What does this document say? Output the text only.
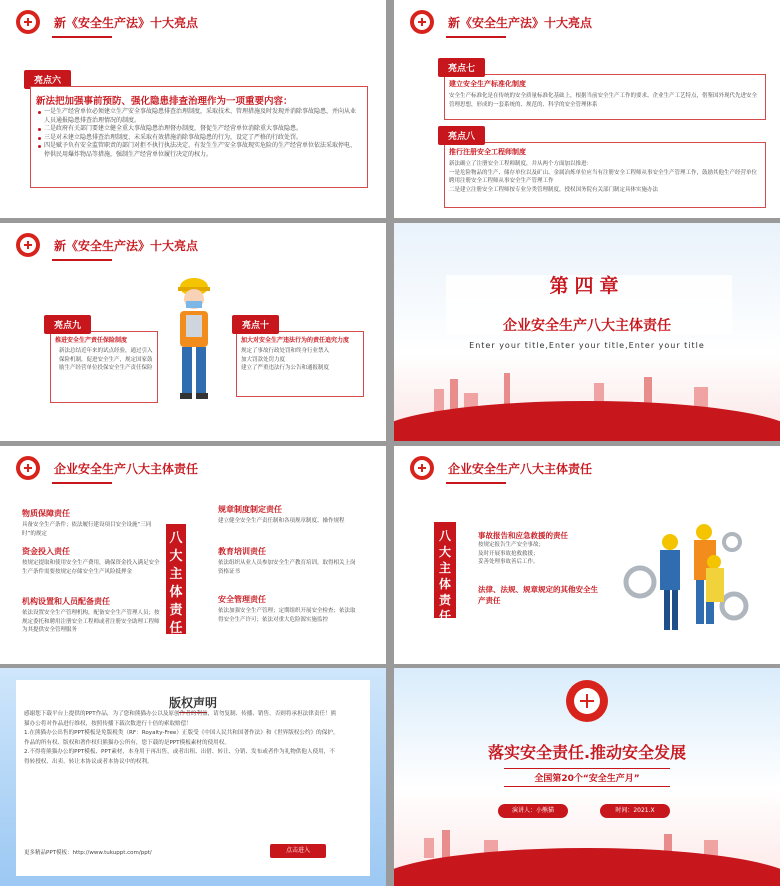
新《安全生产法》十大亮点
亮点六
新法把加强事前预防、强化隐患排查治理作为一项重要内容：
一是生产经营单位必须建立生产安全事故隐患排查治理制度，采取技术、管理措施及时发现并消除事故隐患，并向从业人员通报隐患排查治理情况的制度。
二是政府有关部门要建立健全重大事故隐患治理督办制度，督促生产经营单位消除重大事故隐患。
三是对未建立隐患排查治理制度、未采取有效措施消除事故隐患的行为，设定了严格的行政处罚。
四是赋予负有安全监管职责的部门对拒不执行执法决定、有发生生产安全事故现实危险的生产经营单位依法采取停电、停供民用爆炸物品等措施，强制生产经营单位履行决定的权力。
新《安全生产法》十大亮点
建立安全生产标准化制度
安全生产标准化是在传统的安全质量标准化基础上，根据当前安全生产工作的要求、企业生产工艺特点，借鉴国外现代先进安全管理思想，形成的一套系统的、规范的、科学的安全管理体系
亮点七
推行注册安全工程师制度
新法确立了注册安全工程师制度，并从两个方面加以推进：
一是危险物品的生产、储存单位以及矿山、金属冶炼单位应当有注册安全工程师从事安全生产管理工作，鼓励其他生产经营单位聘用注册安全工程师从事安全生产管理工作
二是建立注册安全工程师按专业分类管理制度，授权国务院有关部门制定具体实施办法
亮点八
新《安全生产法》十大亮点
推进安全生产责任保险制度
新法总结近年来的试点经验，通过引入保险机制，促进安全生产，规定国家鼓励生产经营单位投保安全生产责任保险
亮点九
加大对安全生产违法行为的责任追究力度
规定了事故行政处罚和终身行业禁入
加大罚款处罚力度
建立了严重违法行为公告和通报制度
亮点十
第四章
企业安全生产八大主体责任
Enter your title,Enter your title,Enter your title
企业安全生产八大主体责任
物质保障责任
具备安全生产条件；依法履行建设项目安全设施“三同时”的规定
资金投入责任
按规定提取和使用安全生产费用，确保资金投入满足安全生产条件需要按规定存储安全生产风险抵押金
机构设置和人员配备责任
依法设置安全生产管理机构，配备安全生产管理人员；按规定委托和聘用注册安全工程师或者注册安全助理工程师为其提供安全管理服务
八大主体责任
规章制度制定责任
建立健全安全生产责任制和各项规章制度、操作规程
教育培训责任
依法组织从业人员参加安全生产教育培训，取得相关上岗资格证书
安全管理责任
依法加强安全生产管理；定期组织开展安全检查；依法取得安全生产许可；依法对重大危险源实施监控
企业安全生产八大主体责任
八大主体责任
事故报告和应急救援的责任
按规定报告生产安全事故；
及时开展事故抢救救援；
妥善处理事故善后工作。
法律、法规、规章规定的其他安全生产责任
版权声明
感谢您下载平台上提供的PPT作品，为了您和熊猫办公以及原创作者的利益，请勿复制、传播、销售，否则将承担法律责任！熊猫办公将对作品进行维权，按照传播下载次数进行十倍的索取赔偿！
1.在熊猫办公出售的PPT模板是免版税类（RF：Royalty-Free）正版受《中国人民共和国著作法》和《世界版权公约》的保护，作品的所有权、版权和著作权归熊猫办公所有，您下载的是PPT模板素材的使用权。
2.不得将熊猫办公的PPT模板、PPT素材，本身用于再出售，或者出租、出借、转让、分销、发布或者作为礼物供他人使用，不得转授权、出卖、转让本协议或者本协议中的权利。
更多精品PPT模板：http://www.tukuppt.com/ppt/	点击进入
落实安全责任.推动安全发展
全国第20个“安全生产月”
演讲人：小熊猫	时间：2021.X
